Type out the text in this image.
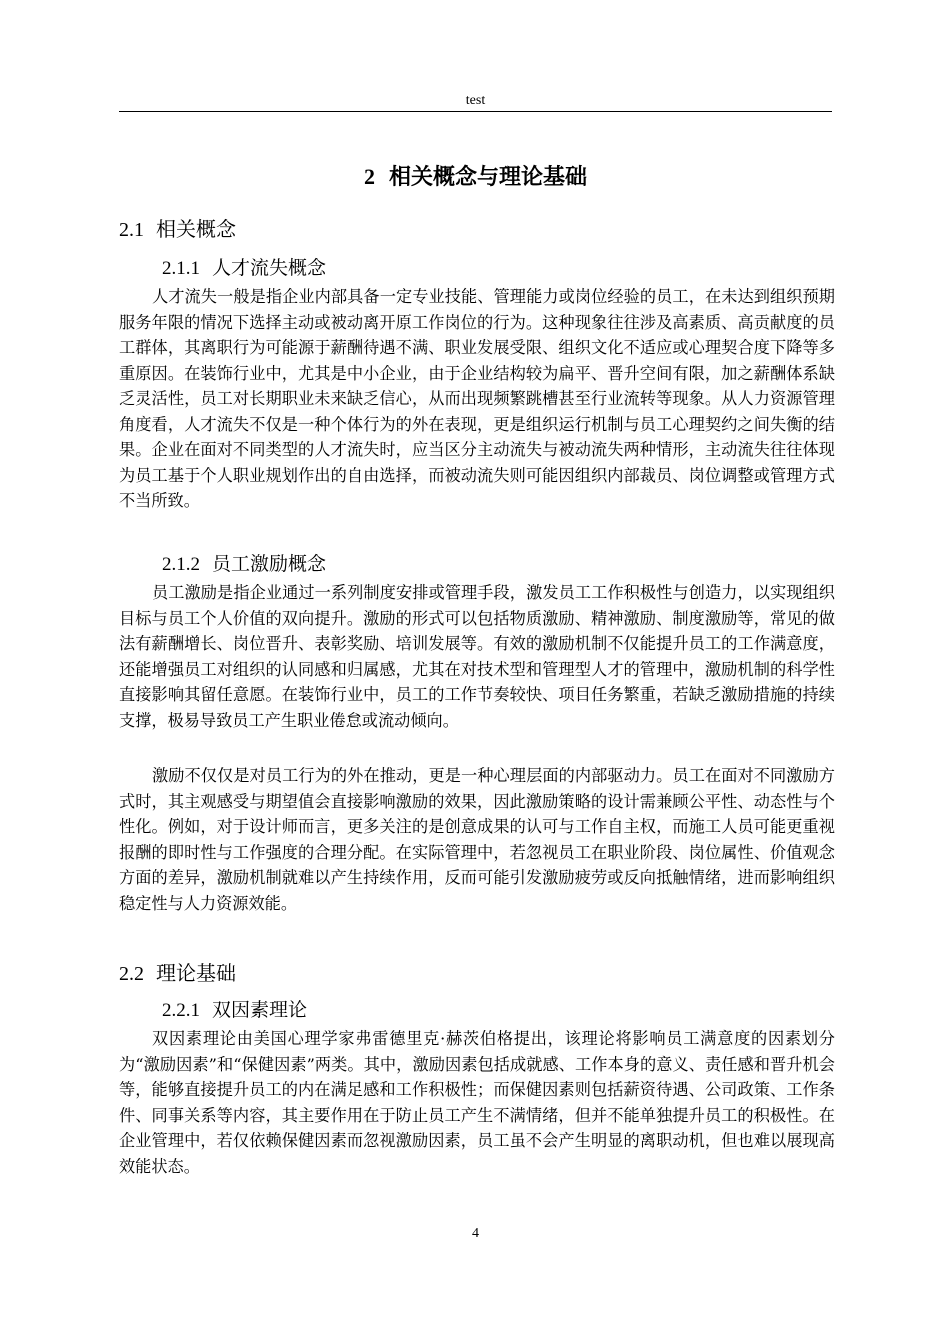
test
2 相关概念与理论基础
2.1 相关概念
2.1.1 人才流失概念

人才流失一般是指企业内部具备一定专业技能、管理能力或岗位经验的员工，在未达到组织预期服务年限的情况下选择主动或被动离开原工作岗位的行为。这种现象往往涉及高素质、高贡献度的员工群体，其离职行为可能源于薪酬待遇不满、职业发展受限、组织文化不适应或心理契合度下降等多重原因。在装饰行业中，尤其是中小企业，由于企业结构较为扁平、晋升空间有限，加之薪酬体系缺乏灵活性，员工对长期职业未来缺乏信心，从而出现频繁跳槽甚至行业流转等现象。从人力资源管理角度看，人才流失不仅是一种个体行为的外在表现，更是组织运行机制与员工心理契约之间失衡的结果。企业在面对不同类型的人才流失时，应当区分主动流失与被动流失两种情形，主动流失往往体现为员工基于个人职业规划作出的自由选择，而被动流失则可能因组织内部裁员、岗位调整或管理方式不当所致。

2.1.2 员工激励概念

员工激励是指企业通过一系列制度安排或管理手段，激发员工工作积极性与创造力，以实现组织目标与员工个人价值的双向提升。激励的形式可以包括物质激励、精神激励、制度激励等，常见的做法有薪酬增长、岗位晋升、表彰奖励、培训发展等。有效的激励机制不仅能提升员工的工作满意度，还能增强员工对组织的认同感和归属感，尤其在对技术型和管理型人才的管理中，激励机制的科学性直接影响其留任意愿。在装饰行业中，员工的工作节奏较快、项目任务繁重，若缺乏激励措施的持续支撑，极易导致员工产生职业倦怠或流动倾向。

激励不仅仅是对员工行为的外在推动，更是一种心理层面的内部驱动力。员工在面对不同激励方式时，其主观感受与期望值会直接影响激励的效果，因此激励策略的设计需兼顾公平性、动态性与个性化。例如，对于设计师而言，更多关注的是创意成果的认可与工作自主权，而施工人员可能更重视报酬的即时性与工作强度的合理分配。在实际管理中，若忽视员工在职业阶段、岗位属性、价值观念方面的差异，激励机制就难以产生持续作用，反而可能引发激励疲劳或反向抵触情绪，进而影响组织稳定性与人力资源效能。

2.2 理论基础
2.2.1 双因素理论

双因素理论由美国心理学家弗雷德里克·赫茨伯格提出，该理论将影响员工满意度的因素划分为“激励因素”和“保健因素”两类。其中，激励因素包括成就感、工作本身的意义、责任感和晋升机会等，能够直接提升员工的内在满足感和工作积极性；而保健因素则包括薪资待遇、公司政策、工作条件、同事关系等内容，其主要作用在于防止员工产生不满情绪，但并不能单独提升员工的积极性。在企业管理中，若仅依赖保健因素而忽视激励因素，员工虽不会产生明显的离职动机，但也难以展现高效能状态。

4
